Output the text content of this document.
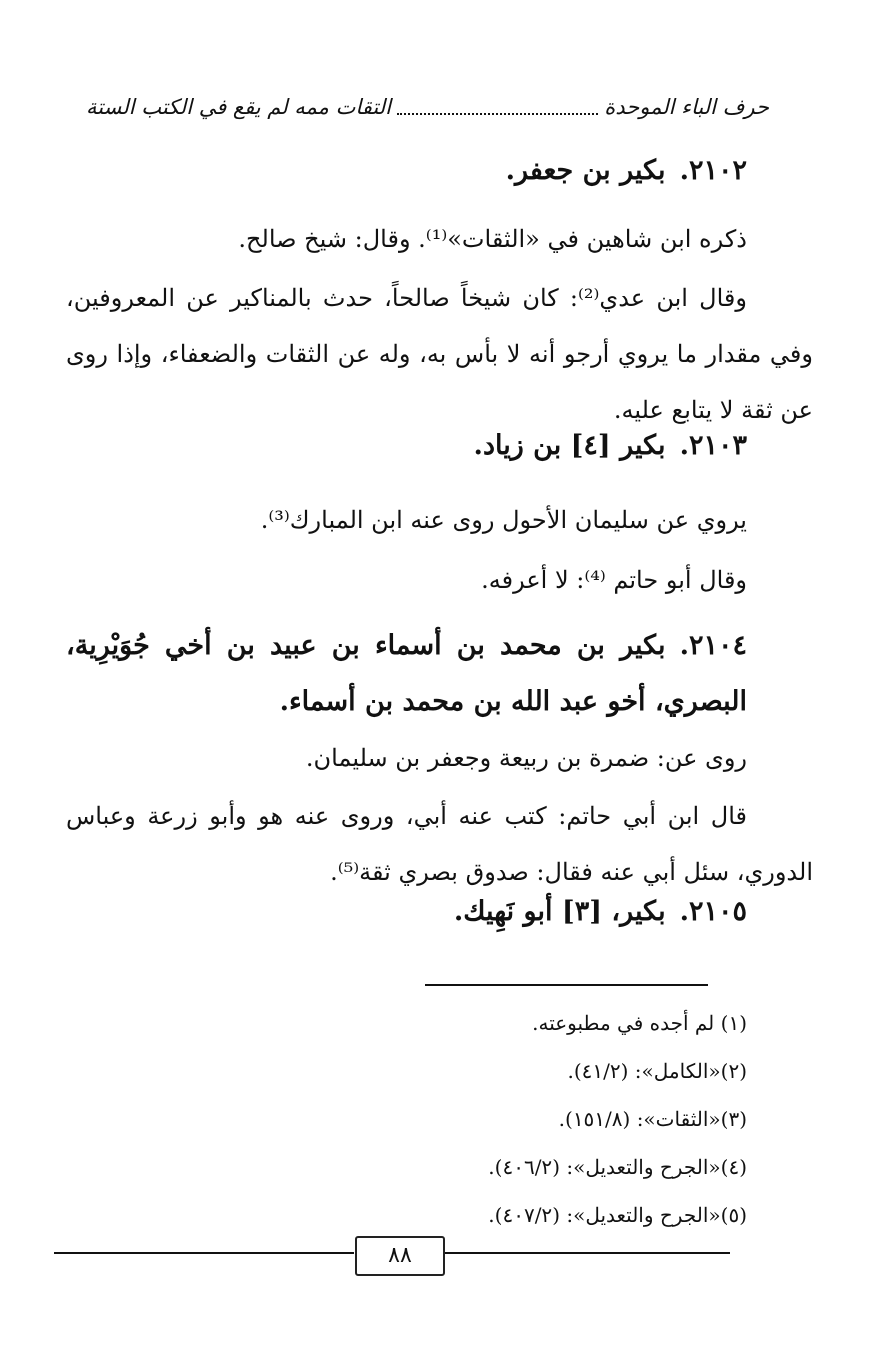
حرف الباء الموحدة
التقات ممه لم يقع في الكتب الستة
٢١٠٢.بكير بن جعفر.
ذكره ابن شاهين في «الثقات»⁽¹⁾. وقال: شيخ صالح.
وقال ابن عدي⁽²⁾: كان شيخاً صالحاً، حدث بالمناكير عن المعروفين، وفي مقدار ما يروي أرجو أنه لا بأس به، وله عن الثقات والضعفاء، وإذا روى عن ثقة لا يتابع عليه.
٢١٠٣.بكير [٤] بن زياد.
يروي عن سليمان الأحول روى عنه ابن المبارك⁽³⁾.
وقال أبو حاتم ⁽⁴⁾: لا أعرفه.
٢١٠٤.بكير بن محمد بن أسماء بن عبيد بن أخي جُوَيْرِية، البصري، أخو عبد الله بن محمد بن أسماء.
روى عن: ضمرة بن ربيعة وجعفر بن سليمان.
قال ابن أبي حاتم: كتب عنه أبي، وروى عنه هو وأبو زرعة وعباس الدوري، سئل أبي عنه فقال: صدوق بصري ثقة⁽⁵⁾.
٢١٠٥.بكير، [٣] أبو نَهِيك.
(١) لم أجده في مطبوعته.
(٢)«الكامل»: (٤١/٢).
(٣)«الثقات»: (١٥١/٨).
(٤)«الجرح والتعديل»: (٤٠٦/٢).
(٥)«الجرح والتعديل»: (٤٠٧/٢).
٨٨
